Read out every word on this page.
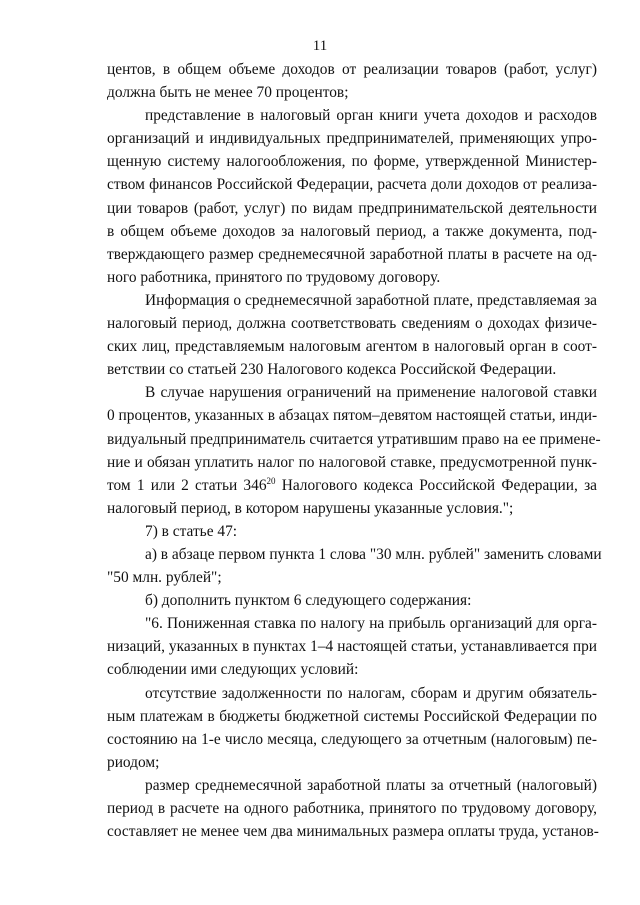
11
центов, в общем объеме доходов от реализации товаров (работ, услуг)
должна быть не менее 70 процентов;
представление в налоговый орган книги учета доходов и расходов
организаций и индивидуальных предпринимателей, применяющих упро-
щенную систему налогообложения, по форме, утвержденной Министер-
ством финансов Российской Федерации, расчета доли доходов от реализа-
ции товаров (работ, услуг) по видам предпринимательской деятельности
в общем объеме доходов за налоговый период, а также документа, под-
тверждающего размер среднемесячной заработной платы в расчете на од-
ного работника, принятого по трудовому договору.
Информация о среднемесячной заработной плате, представляемая за
налоговый период, должна соответствовать сведениям о доходах физиче-
ских лиц, представляемым налоговым агентом в налоговый орган в соот-
ветствии со статьей 230 Налогового кодекса Российской Федерации.
В случае нарушения ограничений на применение налоговой ставки
0 процентов, указанных в абзацах пятом–девятом настоящей статьи, инди-
видуальный предприниматель считается утратившим право на ее примене-
ние и обязан уплатить налог по налоговой ставке, предусмотренной пунк-
том 1 или 2 статьи $346^{20}$ Налогового кодекса Российской Федерации, за
налоговый период, в котором нарушены указанные условия.";
7) в статье 47:
а) в абзаце первом пункта 1 слова "30 млн. рублей" заменить словами
"50 млн. рублей";
б) дополнить пунктом 6 следующего содержания:
"6. Пониженная ставка по налогу на прибыль организаций для орга-
низаций, указанных в пунктах 1–4 настоящей статьи, устанавливается при
соблюдении ими следующих условий:
отсутствие задолженности по налогам, сборам и другим обязатель-
ным платежам в бюджеты бюджетной системы Российской Федерации по
состоянию на 1-е число месяца, следующего за отчетным (налоговым) пе-
риодом;
размер среднемесячной заработной платы за отчетный (налоговый)
период в расчете на одного работника, принятого по трудовому договору,
составляет не менее чем два минимальных размера оплаты труда, установ-
